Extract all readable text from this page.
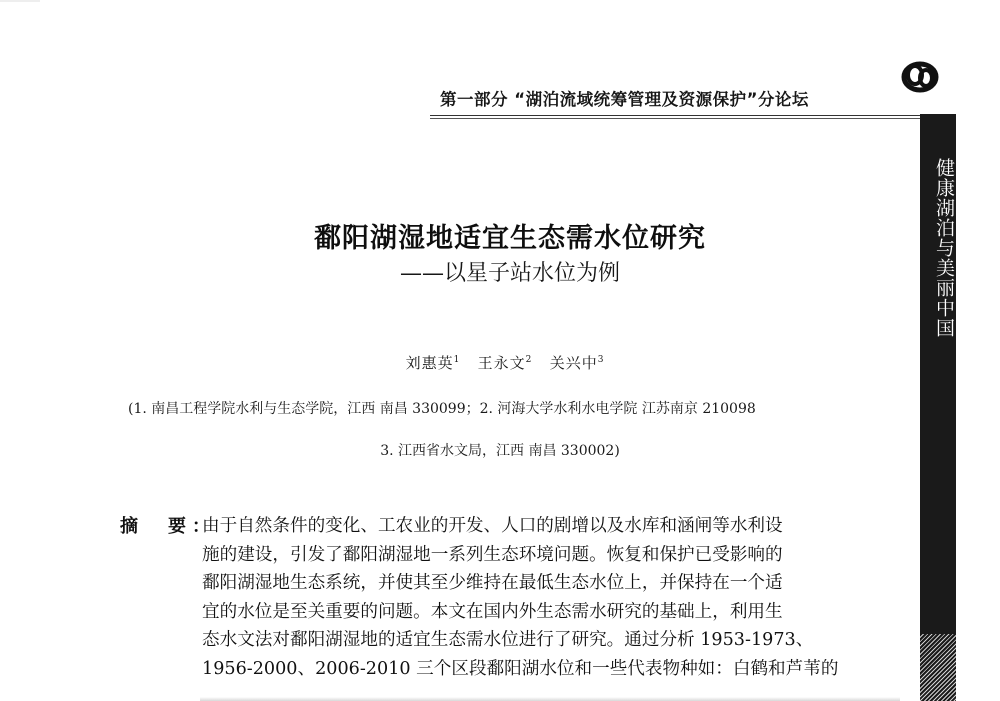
第一部分 “湖泊流域统筹管理及资源保护”分论坛
健康湖泊与美丽中国
鄱阳湖湿地适宜生态需水位研究
——以星子站水位为例
刘惠英$^1$ 王永文$^2$ 关兴中$^3$
(1. 南昌工程学院水利与生态学院，江西 南昌 330099；2. 河海大学水利水电学院 江苏南京 210098
3. 江西省水文局，江西 南昌 330002)
摘　要：
由于自然条件的变化、工农业的开发、人口的剧增以及水库和涵闸等水利设
施的建设，引发了鄱阳湖湿地一系列生态环境问题。恢复和保护已受影响的
鄱阳湖湿地生态系统，并使其至少维持在最低生态水位上，并保持在一个适
宜的水位是至关重要的问题。本文在国内外生态需水研究的基础上，利用生
态水文法对鄱阳湖湿地的适宜生态需水位进行了研究。通过分析 1953-1973、
1956-2000、2006-2010 三个区段鄱阳湖水位和一些代表物种如：白鹤和芦苇的
